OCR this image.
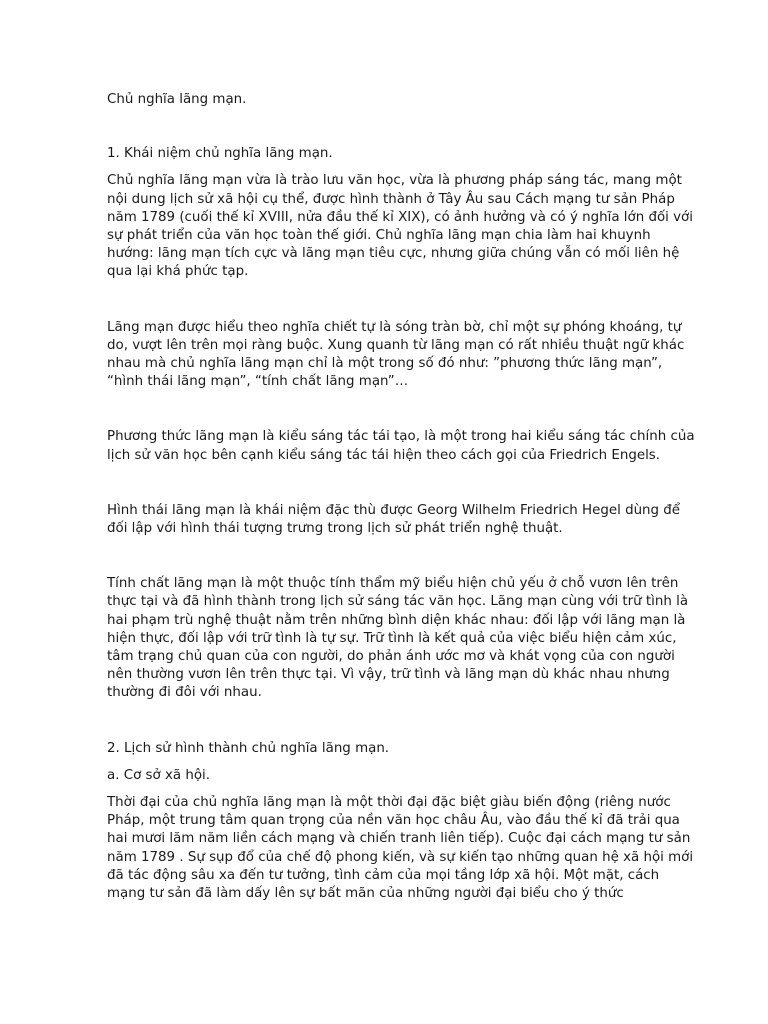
Chủ nghĩa lãng mạn.

1. Khái niệm chủ nghĩa lãng mạn.

Chủ nghĩa lãng mạn vừa là trào lưu văn học, vừa là phương pháp sáng tác, mang một nội dung lịch sử xã hội cụ thể, được hình thành ở Tây Âu sau Cách mạng tư sản Pháp năm 1789 (cuối thế kỉ XVIII, nửa đầu thế kỉ XIX), có ảnh hưởng và có ý nghĩa lớn đối với sự phát triển của văn học toàn thế giới. Chủ nghĩa lãng mạn chia làm hai khuynh hướng: lãng mạn tích cực và lãng mạn tiêu cực, nhưng giữa chúng vẫn có mối liên hệ qua lại khá phức tạp.

Lãng mạn được hiểu theo nghĩa chiết tự là sóng tràn bờ, chỉ một sự phóng khoáng, tự do, vượt lên trên mọi ràng buộc. Xung quanh từ lãng mạn có rất nhiều thuật ngữ khác nhau mà chủ nghĩa lãng mạn chỉ là một trong số đó như: ”phương thức lãng mạn”, “hình thái lãng mạn”, “tính chất lãng mạn”…

Phương thức lãng mạn là kiểu sáng tác tái tạo, là một trong hai kiểu sáng tác chính của lịch sử văn học bên cạnh kiểu sáng tác tái hiện theo cách gọi của Friedrich Engels.

Hình thái lãng mạn là khái niệm đặc thù được Georg Wilhelm Friedrich Hegel dùng để đối lập với hình thái tượng trưng trong lịch sử phát triển nghệ thuật.

Tính chất lãng mạn là một thuộc tính thẩm mỹ biểu hiện chủ yếu ở chỗ vươn lên trên thực tại và đã hình thành trong lịch sử sáng tác văn học. Lãng mạn cùng với trữ tình là hai phạm trù nghệ thuật nằm trên những bình diện khác nhau: đối lập với lãng mạn là hiện thực, đối lập với trữ tình là tự sự. Trữ tình là kết quả của việc biểu hiện cảm xúc, tâm trạng chủ quan của con người, do phản ánh ước mơ và khát vọng của con người nên thường vươn lên trên thực tại. Vì vậy, trữ tình và lãng mạn dù khác nhau nhưng thường đi đôi với nhau.

2. Lịch sử hình thành chủ nghĩa lãng mạn.

a. Cơ sở xã hội.

Thời đại của chủ nghĩa lãng mạn là một thời đại đặc biệt giàu biến động (riêng nước Pháp, một trung tâm quan trọng của nền văn học châu Âu, vào đầu thế kỉ đã trải qua hai mươi lăm năm liền cách mạng và chiến tranh liên tiếp). Cuộc đại cách mạng tư sản năm 1789 . Sự sụp đổ của chế độ phong kiến, và sự kiến tạo những quan hệ xã hội mới đã tác động sâu xa đến tư tưởng, tình cảm của mọi tầng lớp xã hội. Một mặt, cách mạng tư sản đã làm dấy lên sự bất mãn của những người đại biểu cho ý thức
